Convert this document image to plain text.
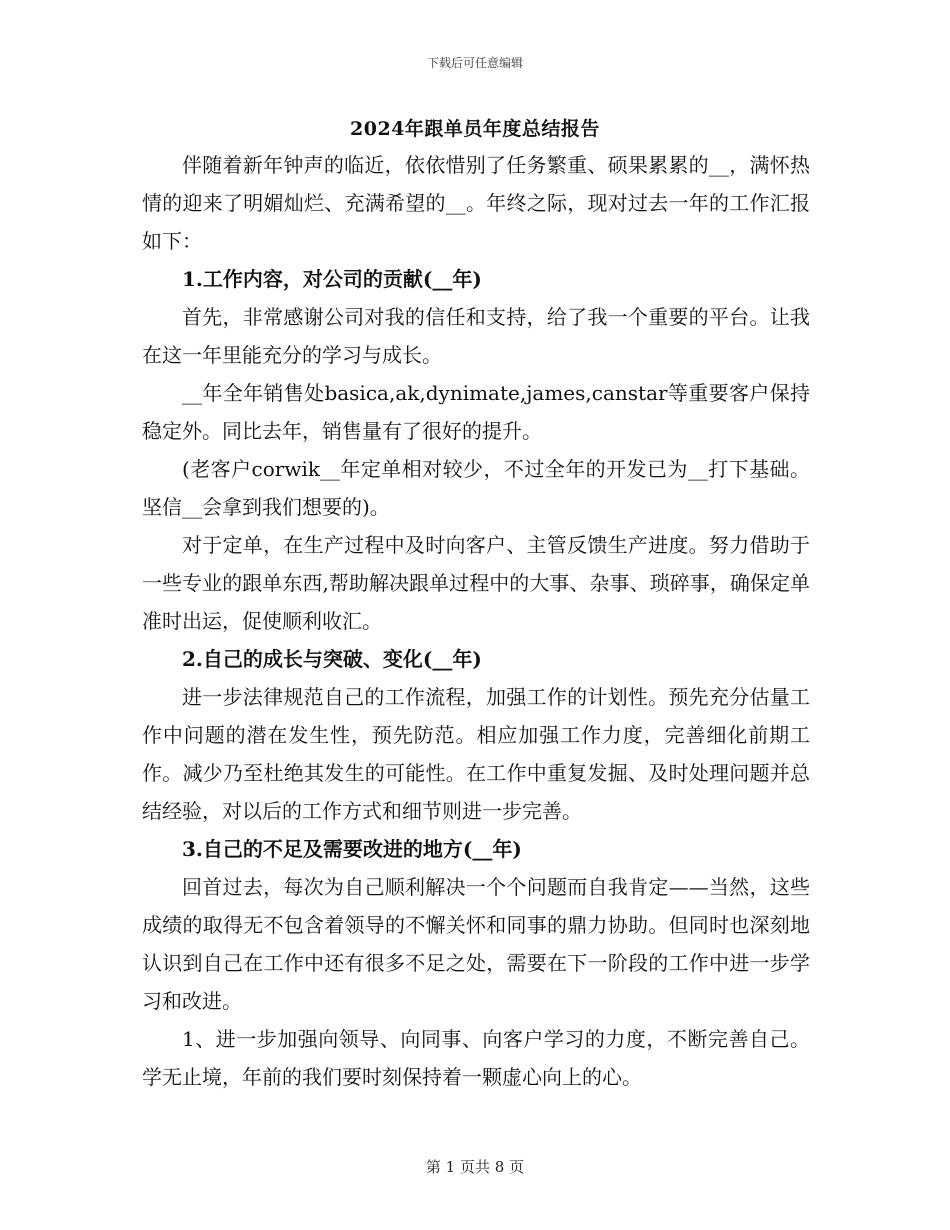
下载后可任意编辑
2024年跟单员年度总结报告

伴随着新年钟声的临近，依依惜别了任务繁重、硕果累累的__，满怀热情的迎来了明媚灿烂、充满希望的__。年终之际，现对过去一年的工作汇报如下：

1.工作内容，对公司的贡献(__年)

首先，非常感谢公司对我的信任和支持，给了我一个重要的平台。让我在这一年里能充分的学习与成长。

__年全年销售处basica,ak,dynimate,james,canstar等重要客户保持稳定外。同比去年，销售量有了很好的提升。

(老客户corwik__年定单相对较少，不过全年的开发已为__打下基础。坚信__会拿到我们想要的)。

对于定单，在生产过程中及时向客户、主管反馈生产进度。努力借助于一些专业的跟单东西,帮助解决跟单过程中的大事、杂事、琐碎事，确保定单准时出运，促使顺利收汇。

2.自己的成长与突破、变化(__年)

进一步法律规范自己的工作流程，加强工作的计划性。预先充分估量工作中问题的潜在发生性，预先防范。相应加强工作力度，完善细化前期工作。减少乃至杜绝其发生的可能性。在工作中重复发掘、及时处理问题并总结经验，对以后的工作方式和细节则进一步完善。

3.自己的不足及需要改进的地方(__年)

回首过去，每次为自己顺利解决一个个问题而自我肯定——当然，这些成绩的取得无不包含着领导的不懈关怀和同事的鼎力协助。但同时也深刻地认识到自己在工作中还有很多不足之处，需要在下一阶段的工作中进一步学习和改进。

1、进一步加强向领导、向同事、向客户学习的力度，不断完善自己。学无止境，年前的我们要时刻保持着一颗虚心向上的心。

第 1 页共 8 页
